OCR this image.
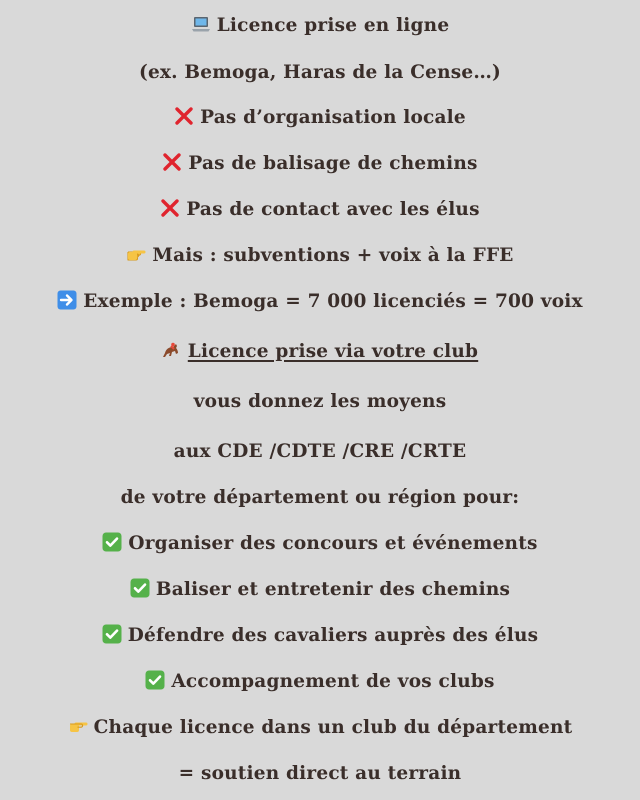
Licence prise en ligne
(ex. Bemoga, Haras de la Cense…)
Pas d’organisation locale
Pas de balisage de chemins
Pas de contact avec les élus
Mais : subventions + voix à la FFE
Exemple : Bemoga = 7 000 licenciés = 700 voix
Licence prise via votre club
vous donnez les moyens
aux CDE /CDTE /CRE /CRTE
de votre département ou région pour:
Organiser des concours et événements
Baliser et entretenir des chemins
Défendre des cavaliers auprès des élus
Accompagnement de vos clubs
Chaque licence dans un club du département
= soutien direct au terrain
